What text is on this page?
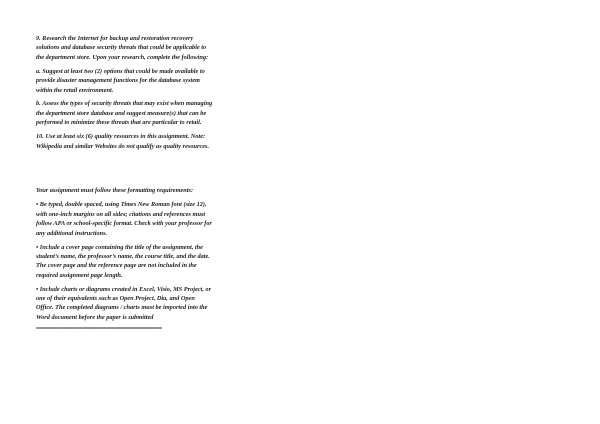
9. Research the Internet for backup and restoration recovery
solutions and database security threats that could be applicable to
the department store. Upon your research, complete the following:

a. Suggest at least two (2) options that could be made available to
provide disaster management functions for the database system
within the retail environment.

b. Assess the types of security threats that may exist when managing
the department store database and suggest measure(s) that can be
performed to minimize these threats that are particular to retail.

10. Use at least six (6) quality resources in this assignment. Note:
Wikipedia and similar Websites do not qualify as quality resources.

Your assignment must follow these formatting requirements:

• Be typed, double spaced, using Times New Roman font (size 12),
with one-inch margins on all sides; citations and references must
follow APA or school-specific format. Check with your professor for
any additional instructions.

• Include a cover page containing the title of the assignment, the
student’s name, the professor’s name, the course title, and the date.
The cover page and the reference page are not included in the
required assignment page length.

• Include charts or diagrams created in Excel, Visio, MS Project, or
one of their equivalents such as Open Project, Dia, and Open
Office. The completed diagrams / charts must be imported into the
Word document before the paper is submitted

==========================================
